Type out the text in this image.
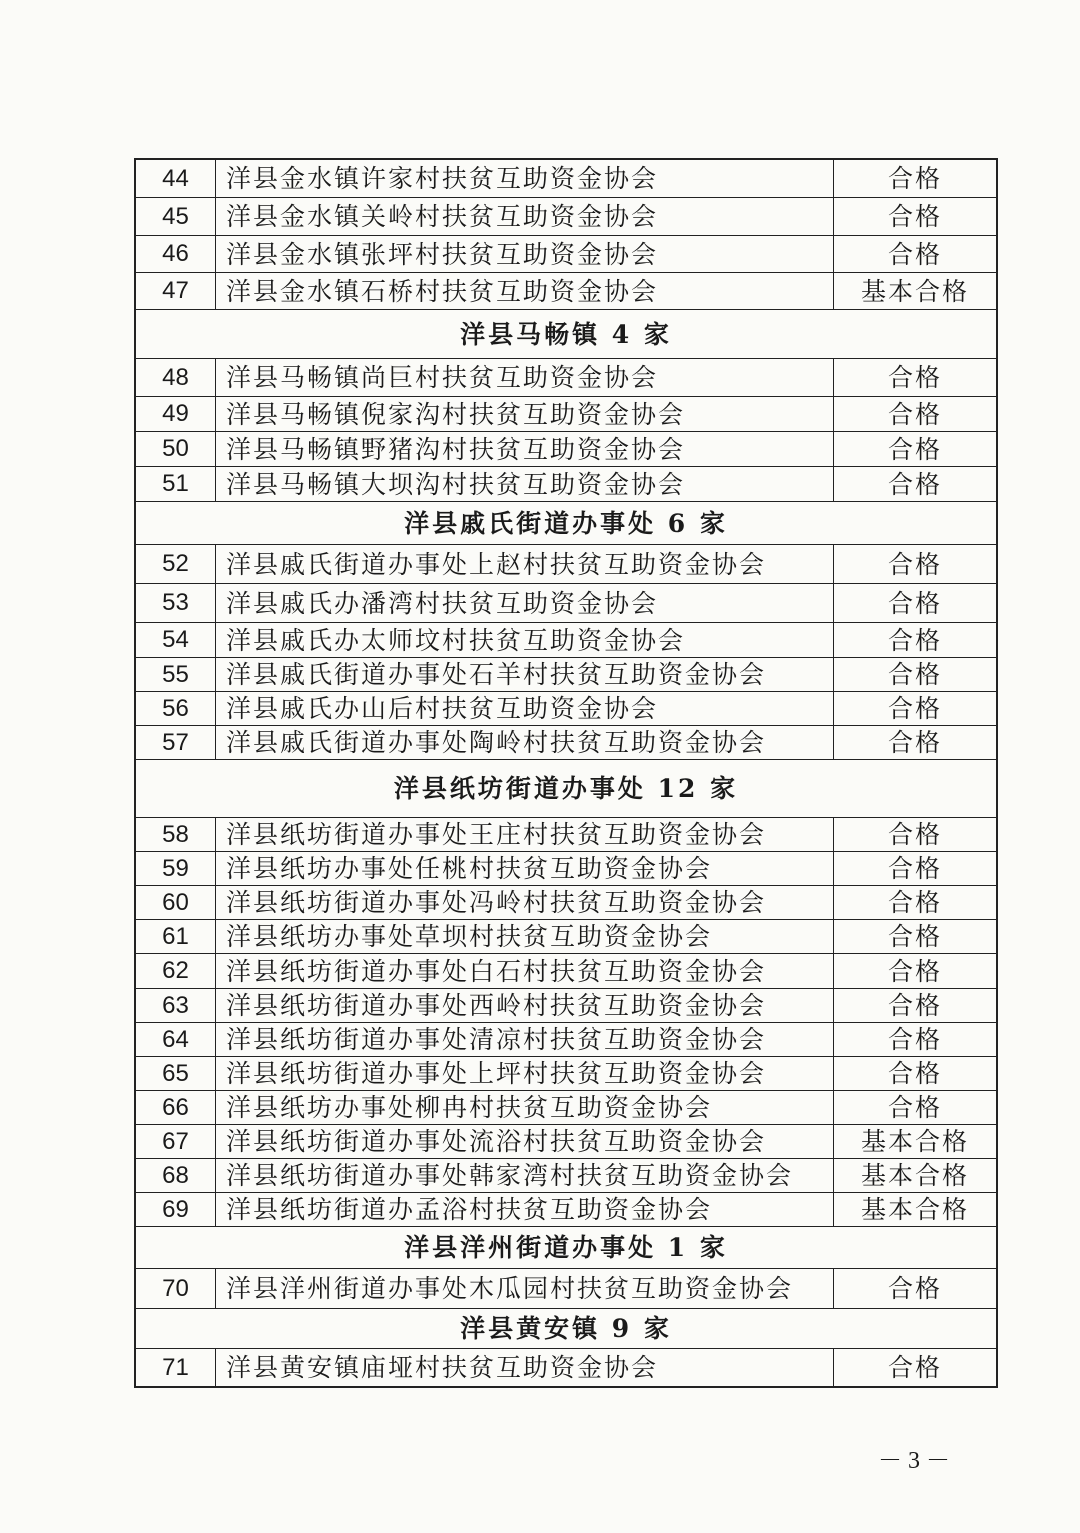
44	洋县金水镇许家村扶贫互助资金协会	合格
45	洋县金水镇关岭村扶贫互助资金协会	合格
46	洋县金水镇张坪村扶贫互助资金协会	合格
47	洋县金水镇石桥村扶贫互助资金协会	基本合格
洋县马畅镇 4 家
48	洋县马畅镇尚巨村扶贫互助资金协会	合格
49	洋县马畅镇倪家沟村扶贫互助资金协会	合格
50	洋县马畅镇野猪沟村扶贫互助资金协会	合格
51	洋县马畅镇大坝沟村扶贫互助资金协会	合格
洋县戚氏街道办事处 6 家
52	洋县戚氏街道办事处上赵村扶贫互助资金协会	合格
53	洋县戚氏办潘湾村扶贫互助资金协会	合格
54	洋县戚氏办太师坟村扶贫互助资金协会	合格
55	洋县戚氏街道办事处石羊村扶贫互助资金协会	合格
56	洋县戚氏办山后村扶贫互助资金协会	合格
57	洋县戚氏街道办事处陶岭村扶贫互助资金协会	合格
洋县纸坊街道办事处 12 家
58	洋县纸坊街道办事处王庄村扶贫互助资金协会	合格
59	洋县纸坊办事处任桃村扶贫互助资金协会	合格
60	洋县纸坊街道办事处冯岭村扶贫互助资金协会	合格
61	洋县纸坊办事处草坝村扶贫互助资金协会	合格
62	洋县纸坊街道办事处白石村扶贫互助资金协会	合格
63	洋县纸坊街道办事处西岭村扶贫互助资金协会	合格
64	洋县纸坊街道办事处清凉村扶贫互助资金协会	合格
65	洋县纸坊街道办事处上坪村扶贫互助资金协会	合格
66	洋县纸坊办事处柳冉村扶贫互助资金协会	合格
67	洋县纸坊街道办事处流浴村扶贫互助资金协会	基本合格
68	洋县纸坊街道办事处韩家湾村扶贫互助资金协会	基本合格
69	洋县纸坊街道办孟浴村扶贫互助资金协会	基本合格
洋县洋州街道办事处 1 家
70	洋县洋州街道办事处木瓜园村扶贫互助资金协会	合格
洋县黄安镇 9 家
71	洋县黄安镇庙垭村扶贫互助资金协会	合格
－3－
